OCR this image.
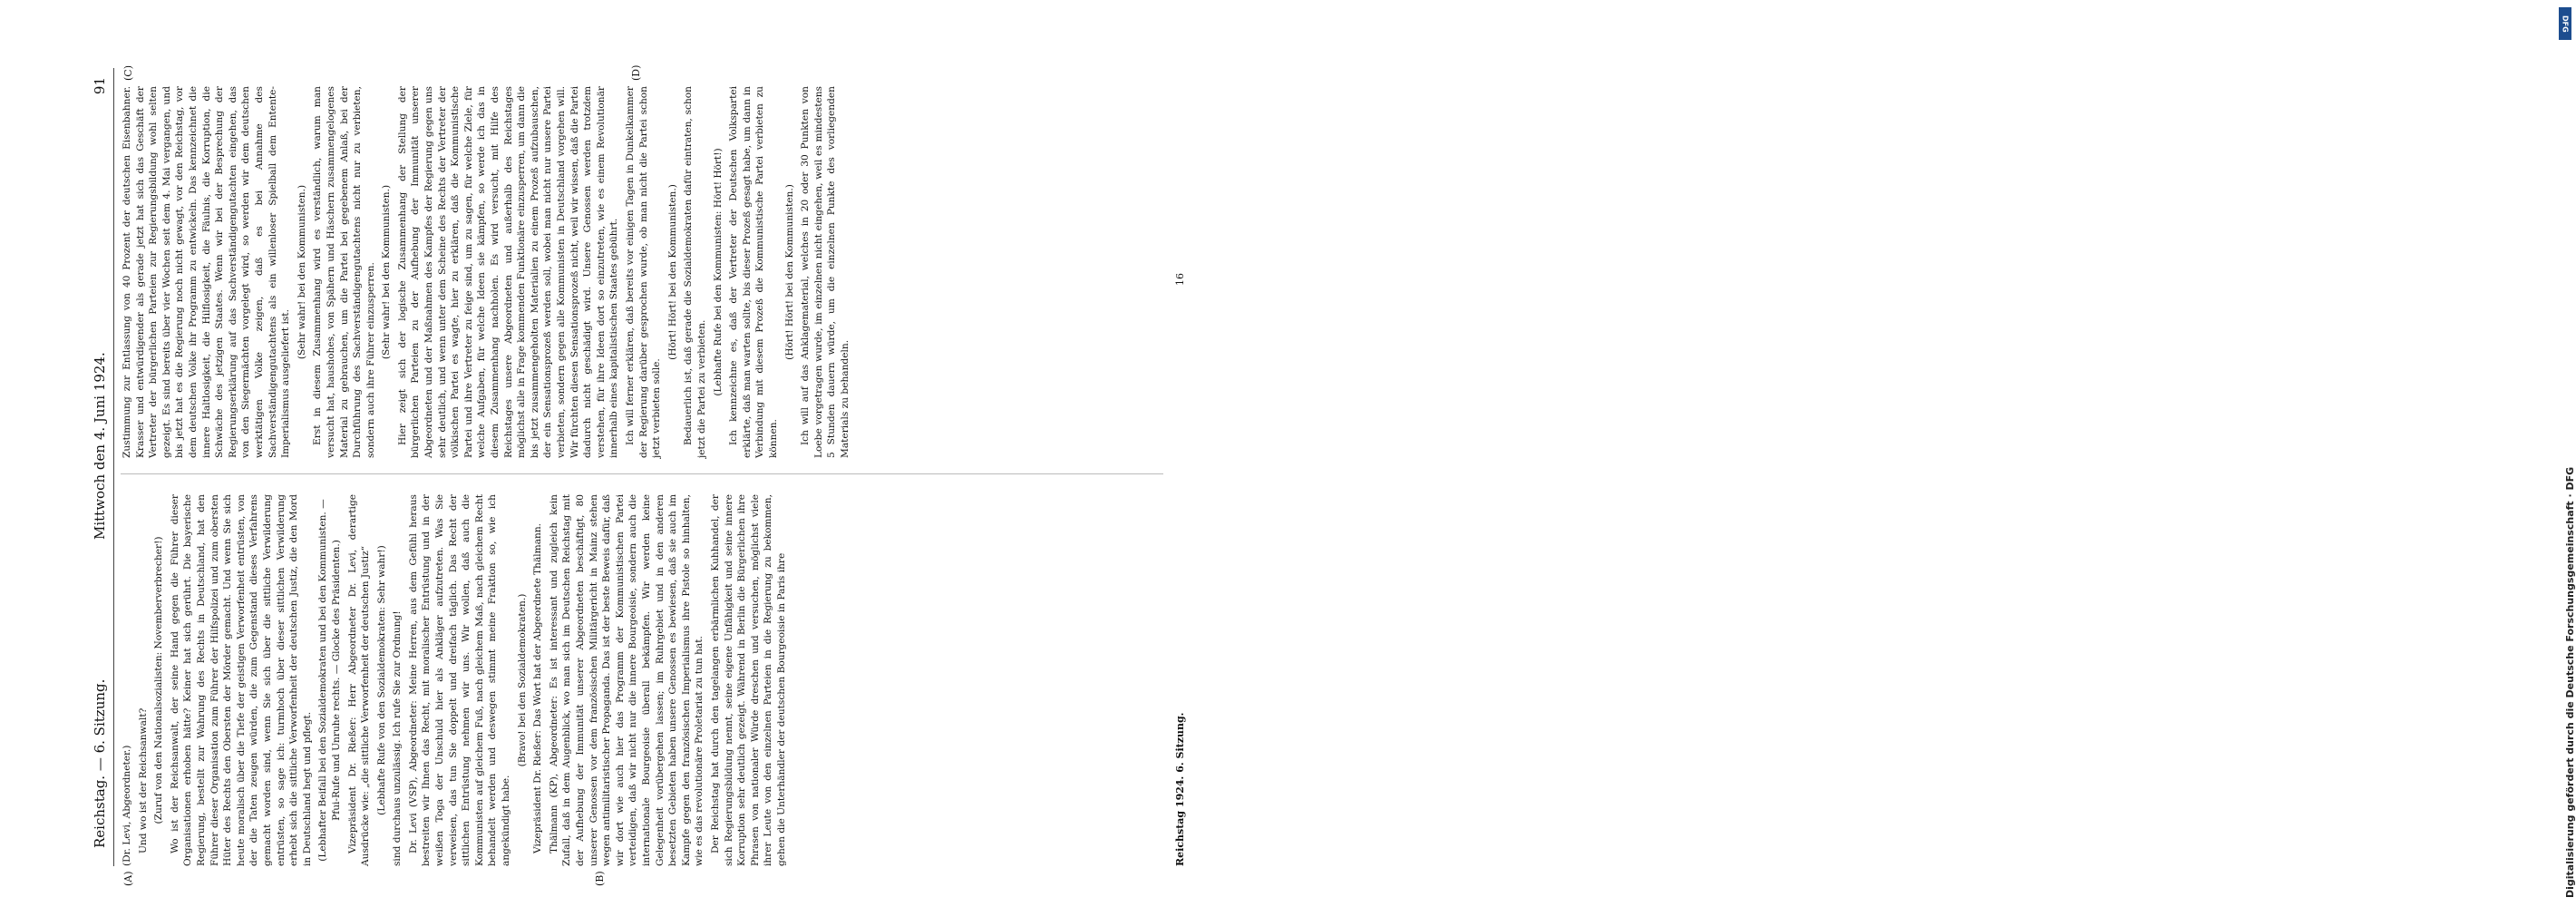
Reichstag. — 6. Sitzung.
Mittwoch den 4. Juni 1924.
91
(A)	(B)
(C)	(D)

(Dr. Levi, Abgeordneter.) Und wo ist der Reichsanwalt? (Zuruf von den Nationalsozialisten: Novemberverbrecher!) Wo ist der Reichsanwalt, der seine Hand gegen die Führer dieser Organisationen erhoben hätte? Keiner hat sich gerührt. Die bayerische Regierung, bestellt zur Wahrung des Rechts in Deutschland, hat den Führer dieser Organisation zum Führer der Hilfspolizei und zum obersten Hüter des Rechts den Obersten der Mörder gemacht. Und wenn Sie sich heute moralisch über die Tiefe der geistigen Verworfenheit entrüsten, von der die Taten zeugen würden, die zum Gegenstand dieses Verfahrens gemacht worden sind, wenn Sie sich über die sittliche Verwilderung entrüsten, so sage ich: turmhoch über dieser sittlichen Verwilderung erhebt sich die sittliche Verworfenheit der deutschen Justiz, die den Mord in Deutschland hegt und pflegt. (Lebhafter Beifall bei den Sozialdemokraten und bei den Kommunisten. — Pfui-Rufe und Unruhe rechts. — Glocke des Präsidenten.) Vizepräsident Dr. Rießer: Herr Abgeordneter Dr. Levi, derartige Ausdrücke wie: „die sittliche Verworfenheit der deutschen Justiz“ (Lebhafte Rufe von den Sozialdemokraten: Sehr wahr!) sind durchaus unzulässig. Ich rufe Sie zur Ordnung! Dr. Levi (VSP), Abgeordneter: Meine Herren, aus dem Gefühl heraus bestreiten wir Ihnen das Recht, mit moralischer Entrüstung und in der weißen Toga der Unschuld hier als Ankläger aufzutreten. Was Sie verweisen, das tun Sie doppelt und dreifach täglich. Das Recht der sittlichen Entrüstung nehmen wir uns. Wir wollen, daß auch die Kommunisten auf gleichem Fuß, nach gleichem Maß, nach gleichem Recht behandelt werden und deswegen stimmt meine Fraktion so, wie ich angekündigt habe.

(Bravo! bei den Sozialdemokraten.) Vizepräsident Dr. Rießer: Das Wort hat der Abgeordnete Thälmann. Thälmann (KP), Abgeordneter: Es ist interessant und zugleich kein Zufall, daß in dem Augenblick, wo man sich im Deutschen Reichstag mit der Aufhebung der Immunität unserer Abgeordneten beschäftigt, 80 unserer Genossen vor dem französischen Militärgericht in Mainz stehen wegen antimilitaristischer Propaganda. Das ist der beste Beweis dafür, daß wir dort wie auch hier das Programm der Kommunistischen Partei verteidigen, daß wir nicht nur die innere Bourgeoisie, sondern auch die internationale Bourgeoisie überall bekämpfen. Wir werden keine Gelegenheit vorübergehen lassen; im Ruhrgebiet und in den anderen besetzten Gebieten haben unsere Genossen es bewiesen, daß sie auch im Kampfe gegen den französischen Imperialismus ihre Pistole so hinhalten, wie es das revolutionäre Proletariat zu tun hat. Der Reichstag hat durch den tagelangen erbärmlichen Kuhhandel, der sich Regierungsbildung nennt, seine eigene Unfähigkeit und seine innere Korruption sehr deutlich gezeigt. Während in Berlin die Bürgerlichen ihre Phrasen von nationaler Würde dreschen und versuchen, möglichst viele ihrer Leute von den einzelnen Parteien in die Regierung zu bekommen, gehen die Unterhändler der deutschen Bourgeoisie in Paris ihre

Zustimmung zur Entlassung von 40 Prozent der deutschen Eisenbahner. Krasser und entwürdigender als gerade jetzt hat sich das Geschäft der Vertreter der bürgerlichen Parteien zur Regierungsbildung wohl selten gezeigt. Es sind bereits über vier Wochen seit dem 4. Mai vergangen, und bis jetzt hat es die Regierung noch nicht gewagt, vor den Reichstag, vor dem deutschen Volke ihr Programm zu entwickeln. Das kennzeichnet die innere Haltlosigkeit, die Hilflosigkeit, die Fäulnis, die Korruption, die Schwäche des jetzigen Staates. Wenn wir bei der Besprechung der Regierungserklärung auf das Sachverständigengutachten eingehen, das von den Siegermächten vorgelegt wird, so werden wir dem deutschen werktätigen Volke zeigen, daß es bei Annahme des Sachverständigengutachtens als ein willenloser Spielball dem Entente-Imperialismus ausgeliefert ist.

(Sehr wahr! bei den Kommunisten.) Erst in diesem Zusammenhang wird es verständlich, warum man versucht hat, haushohes, von Spähern und Häschern zusammengelogenes Material zu gebrauchen, um die Partei bei gegebenem Anlaß, bei der Durchführung des Sachverständigengutachtens nicht nur zu verbieten, sondern auch ihre Führer einzusperren. (Sehr wahr! bei den Kommunisten.) Hier zeigt sich der logische Zusammenhang der Stellung der bürgerlichen Parteien zu der Aufhebung der Immunität unserer Abgeordneten und der Maßnahmen des Kampfes der Regierung gegen uns sehr deutlich, und wenn unter dem Scheine des Rechts der Vertreter der völkischen Partei es wagte, hier zu erklären, daß die Kommunistische Partei und ihre Vertreter zu feige sind, um zu sagen, für welche Ziele, für welche Aufgaben, für welche Ideen sie kämpfen, so werde ich das in diesem Zusammenhang nachholen. Es wird versucht, mit Hilfe des Reichstages unsere Abgeordneten und außerhalb des Reichstages möglichst alle in Frage kommenden Funktionäre einzusperren, um dann die bis jetzt zusammengeholten Materialien zu einem Prozeß aufzubauschen, der ein Sensationsprozeß werden soll, wobei man nicht nur unsere Partei verbieten, sondern gegen alle Kommunisten in Deutschland vorgehen will. Wir fürchten diesen Sensationsprozeß nicht, weil wir wissen, daß die Partei dadurch nicht geschädigt wird. Unsere Genossen werden trotzdem verstehen, für ihre Ideen dort so einzutreten, wie es einem Revolutionär innerhalb eines kapitalistischen Staates gebührt. Ich will ferner erklären, daß bereits vor einigen Tagen in Dunkelkammer der Regierung darüber gesprochen wurde, ob man nicht die Partei schon jetzt verbieten solle.

(Hört! Hört! bei den Kommunisten.) Bedauerlich ist, daß gerade die Sozialdemokraten dafür eintraten, schon jetzt die Partei zu verbieten. (Lebhafte Rufe bei den Kommunisten: Hört! Hört!) Ich kennzeichne es, daß der Vertreter der Deutschen Volkspartei erklärte, daß man warten sollte, bis dieser Prozeß gesagt habe, um dann in Verbindung mit diesem Prozeß die Kommunistische Partei verbieten zu können.

(Hört! Hört! bei den Kommunisten.) Ich will auf das Anklagematerial, welches in 20 oder 30 Punkten von Loebe vorgetragen wurde, im einzelnen nicht eingehen, weil es mindestens 5 Stunden dauern würde, um die einzelnen Punkte des vorliegenden Materials zu behandeln.

Reichstag 1924. 6. Sitzung.
16
DFG
Digitalisierung gefördert durch die Deutsche Forschungsgemeinschaft · DFG
